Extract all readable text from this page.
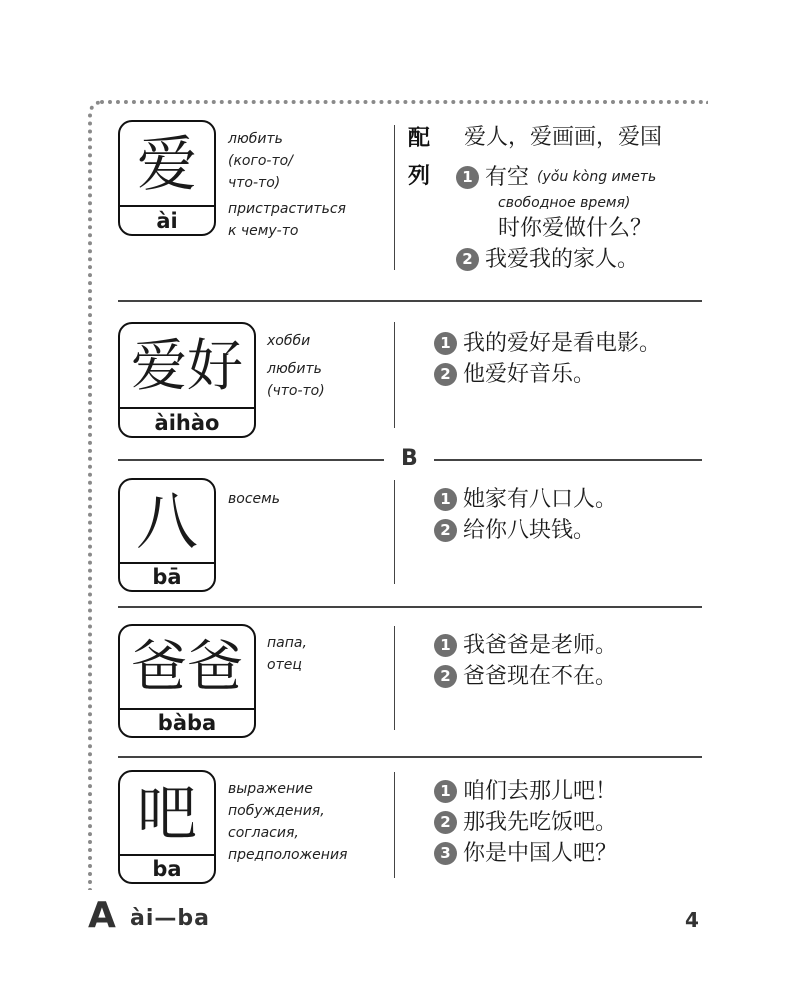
爱
ài
любить
(кого-то/
что-то)
пристраститься
к чему-то
配
列
爱人，爱画画，爱国
1 有空 (yǒu kòng иметь
свободное время)
时你爱做什么？
2 我爱我的家人。
爱好
àihào
хобби
любить
(что-то)
1 我的爱好是看电影。
2 他爱好音乐。
B
八
bā
восемь	1 她家有八口人。
2 给你八块钱。
爸爸
bàba
папа,
отец
1 我爸爸是老师。
2 爸爸现在不在。
吧
ba
выражение
побуждения,
согласия,
предположения
1 咱们去那儿吧！
2 那我先吃饭吧。
3 你是中国人吧？
A ài—ba	4
